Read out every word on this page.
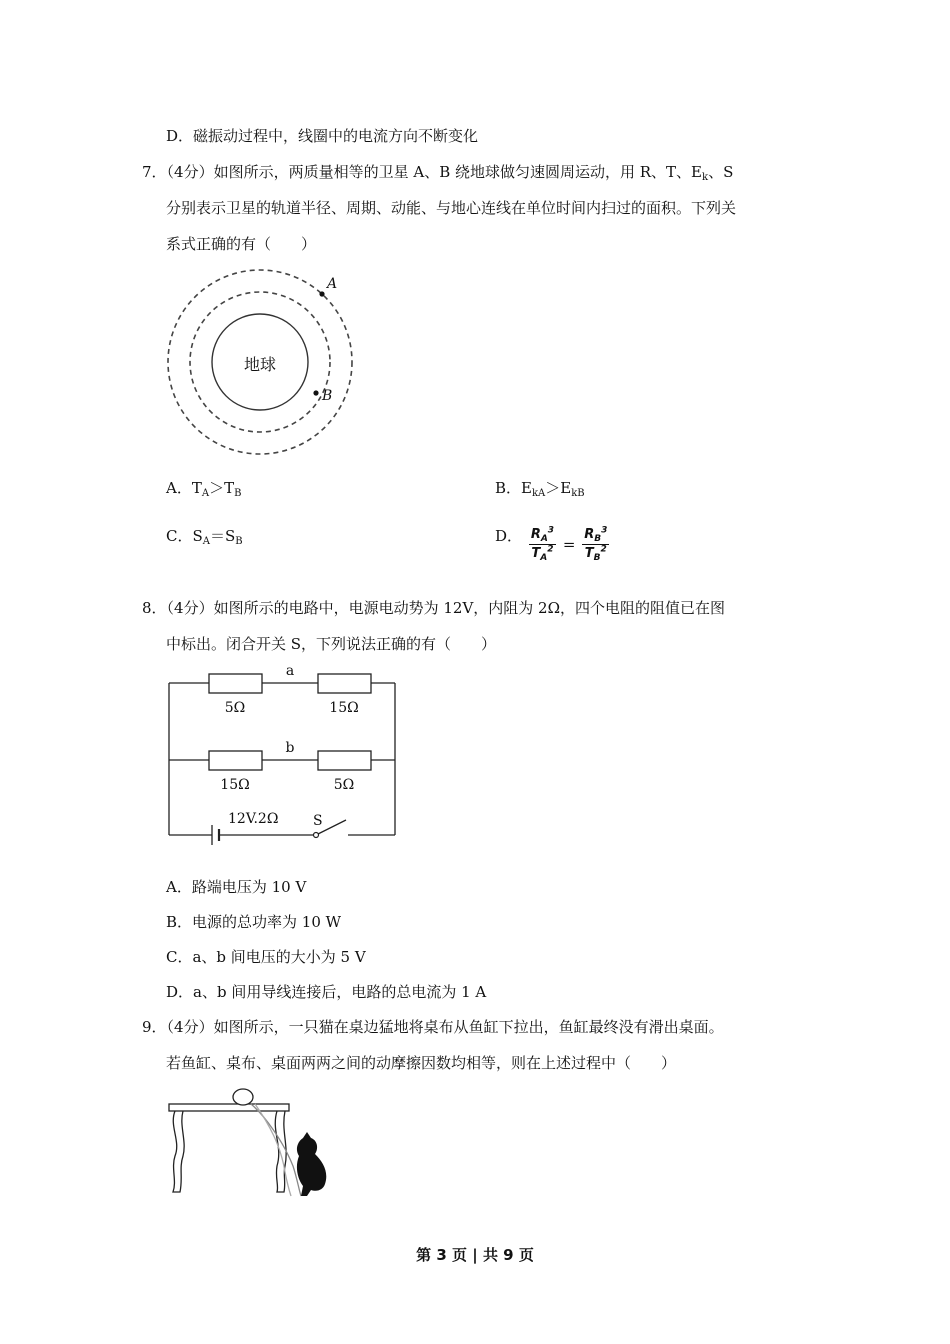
D．磁振动过程中，线圈中的电流方向不断变化
7．（4分）如图所示，两质量相等的卫星 A、B 绕地球做匀速圆周运动，用 R、T、$E_k$、S
分别表示卫星的轨道半径、周期、动能、与地心连线在单位时间内扫过的面积。下列关
系式正确的有（　　）
地球
A
B
A．$T_A>T_B$	B．$E_{kA}>E_{kB}$
C．$S_A=S_B$	D． $\frac{R_A^3}{T_A^2} = \frac{R_B^3}{T_B^2}$
8．（4分）如图所示的电路中，电源电动势为 12V，内阻为 2Ω，四个电阻的阻值已在图
中标出。闭合开关 S，下列说法正确的有（　　）
a
5Ω	15Ω
b
15Ω	5Ω
12V.2Ω S
A．路端电压为 10 V
B．电源的总功率为 10 W
C．a、b 间电压的大小为 5 V
D．a、b 间用导线连接后，电路的总电流为 1 A
9．（4分）如图所示，一只猫在桌边猛地将桌布从鱼缸下拉出，鱼缸最终没有滑出桌面。
若鱼缸、桌布、桌面两两之间的动摩擦因数均相等，则在上述过程中（　　）
第 3 页 | 共 9 页
